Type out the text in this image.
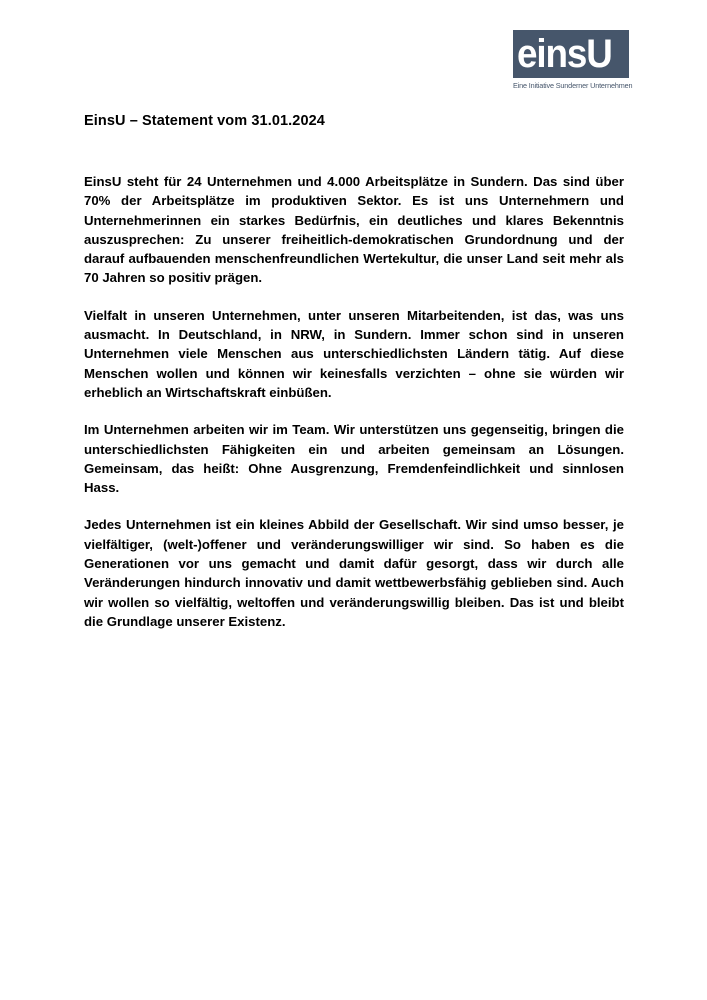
einsU
Eine Initiative Sunderner Unternehmen
EinsU – Statement vom 31.01.2024

EinsU steht für 24 Unternehmen und 4.000 Arbeitsplätze in Sundern. Das sind über 70% der Arbeitsplätze im produktiven Sektor. Es ist uns Unternehmern und Unternehmerinnen ein starkes Bedürfnis, ein deutliches und klares Bekenntnis auszusprechen: Zu unserer freiheitlich-demokratischen Grundordnung und der darauf aufbauenden menschenfreundlichen Wertekultur, die unser Land seit mehr als 70 Jahren so positiv prägen.

Vielfalt in unseren Unternehmen, unter unseren Mitarbeitenden, ist das, was uns ausmacht. In Deutschland, in NRW, in Sundern. Immer schon sind in unseren Unternehmen viele Menschen aus unterschiedlichsten Ländern tätig. Auf diese Menschen wollen und können wir keinesfalls verzichten – ohne sie würden wir erheblich an Wirtschaftskraft einbüßen.

Im Unternehmen arbeiten wir im Team. Wir unterstützen uns gegenseitig, bringen die unterschiedlichsten Fähigkeiten ein und arbeiten gemeinsam an Lösungen. Gemeinsam, das heißt: Ohne Ausgrenzung, Fremdenfeindlichkeit und sinnlosen Hass.

Jedes Unternehmen ist ein kleines Abbild der Gesellschaft. Wir sind umso besser, je vielfältiger, (welt-)offener und veränderungswilliger wir sind. So haben es die Generationen vor uns gemacht und damit dafür gesorgt, dass wir durch alle Veränderungen hindurch innovativ und damit wettbewerbsfähig geblieben sind. Auch wir wollen so vielfältig, weltoffen und veränderungswillig bleiben. Das ist und bleibt die Grundlage unserer Existenz.
